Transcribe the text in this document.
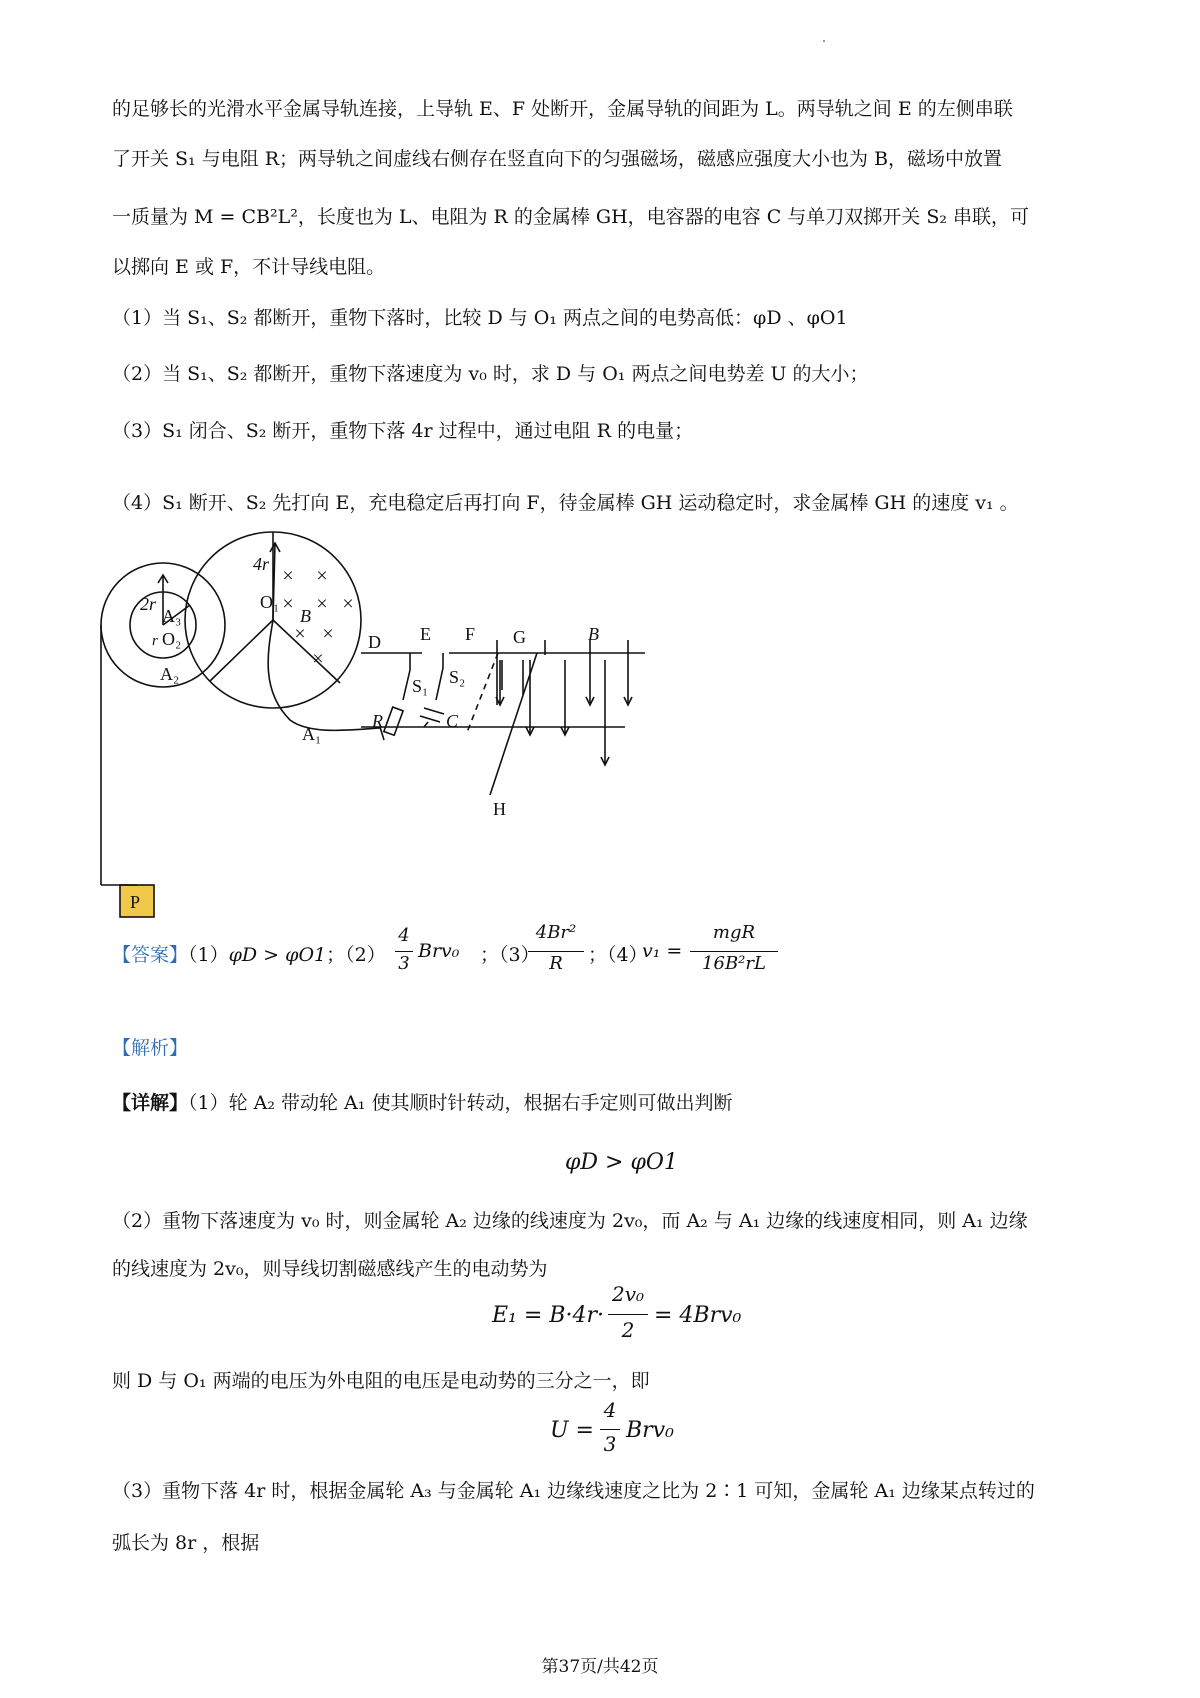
的足够长的光滑水平金属导轨连接，上导轨 E、F 处断开，金属导轨的间距为 L。两导轨之间 E 的左侧串联
了开关 S₁ 与电阻 R；两导轨之间虚线右侧存在竖直向下的匀强磁场，磁感应强度大小也为 B，磁场中放置
一质量为 M = CB²L²，长度也为 L、电阻为 R 的金属棒 GH，电容器的电容 C 与单刀双掷开关 S₂ 串联，可
以掷向 E 或 F，不计导线电阻。
（1）当 S₁、S₂ 都断开，重物下落时，比较 D 与 O₁ 两点之间的电势高低：φD 、φO1
（2）当 S₁、S₂ 都断开，重物下落速度为 v₀ 时，求 D 与 O₁ 两点之间电势差 U 的大小；
（3）S₁ 闭合、S₂ 断开，重物下落 4r 过程中，通过电阻 R 的电量；
（4）S₁ 断开、S₂ 先打向 E，充电稳定后再打向 F，待金属棒 GH 运动稳定时，求金属棒 GH 的速度 v₁ 。
× ×
× × ×
× ×
×
2r
A₃
r O₂
A₂
4r
O₁
B
A₁
D E F G	B
S₁ S₂
R	C
H
P
【答案】（1）φD > φO1；（2）
4
3
Brv₀ ；（3）
4Br²
R	；（4）
v₁ =
mgR
16B²rL
【解析】
【详解】（1）轮 A₂ 带动轮 A₁ 使其顺时针转动，根据右手定则可做出判断
φD > φO1
（2）重物下落速度为 v₀ 时，则金属轮 A₂ 边缘的线速度为 2v₀，而 A₂ 与 A₁ 边缘的线速度相同，则 A₁ 边缘
的线速度为 2v₀，则导线切割磁感线产生的电动势为
E₁ = B·4r·
2v₀
2
= 4Brv₀
则 D 与 O₁ 两端的电压为外电阻的电压是电动势的三分之一，即
U =
4
3
Brv₀
（3）重物下落 4r 时，根据金属轮 A₃ 与金属轮 A₁ 边缘线速度之比为 2∶1 可知，金属轮 A₁ 边缘某点转过的
弧长为 8r ，根据
第37页/共42页
